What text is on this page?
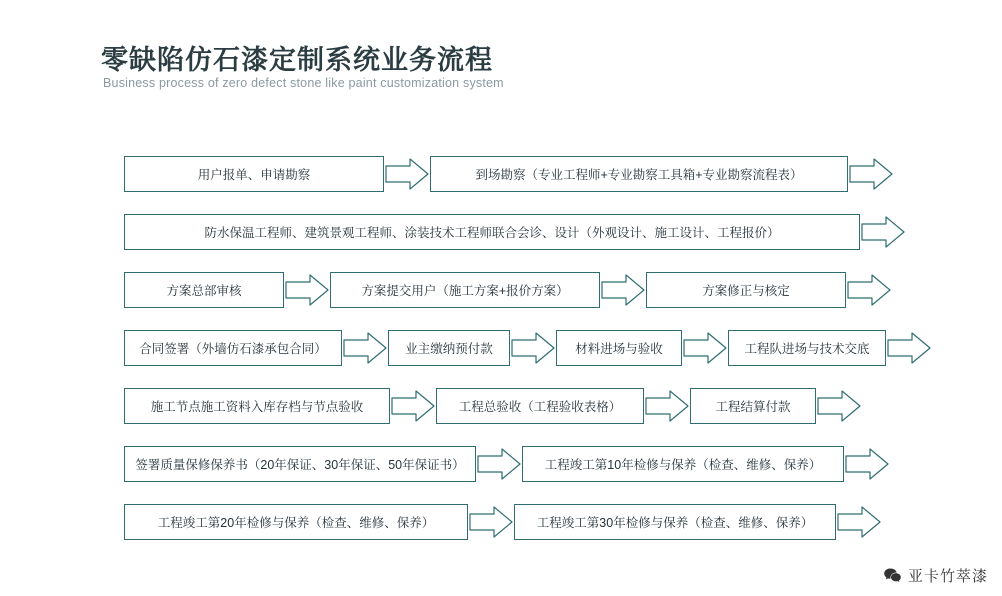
零缺陷仿石漆定制系统业务流程
Business process of zero defect stone like paint customization system
用户报单、申请勘察	到场勘察（专业工程师+专业勘察工具箱+专业勘察流程表）
防水保温工程师、建筑景观工程师、涂装技术工程师联合会诊、设计（外观设计、施工设计、工程报价）
方案总部审核	方案提交用户（施工方案+报价方案）	方案修正与核定
合同签署（外墙仿石漆承包合同）	业主缴纳预付款	材料进场与验收	工程队进场与技术交底
施工节点施工资料入库存档与节点验收	工程总验收（工程验收表格）	工程结算付款
签署质量保修保养书（20年保证、30年保证、50年保证书）	工程竣工第10年检修与保养（检查、维修、保养）
工程竣工第20年检修与保养（检查、维修、保养）	工程竣工第30年检修与保养（检查、维修、保养）
亚卡竹萃漆
